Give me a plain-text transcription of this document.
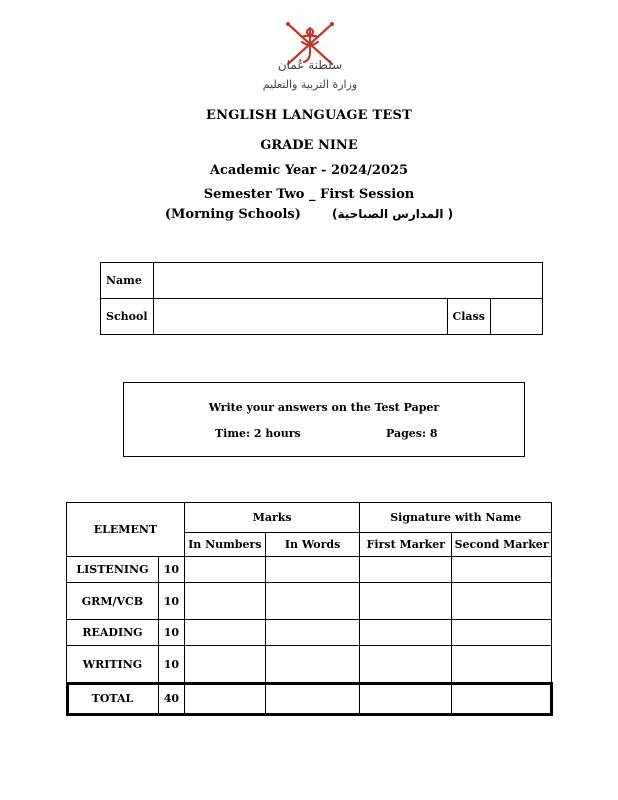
سلطنة عُمان
وزارة التربية والتعليم
ENGLISH LANGUAGE TEST
GRADE NINE
Academic Year - 2024/2025
Semester Two _ First Session
(Morning Schools)	(المدارس الصباحية )
Name			
School		Class	
Write your answers on the Test Paper
Time: 2 hours	Pages: 8
ELEMENT		Marks		Signature with Name	
		In Numbers	In Words	First Marker	Second Marker
LISTENING	10				
GRM/VCB	10				
READING	10				
WRITING	10				
TOTAL	40				
